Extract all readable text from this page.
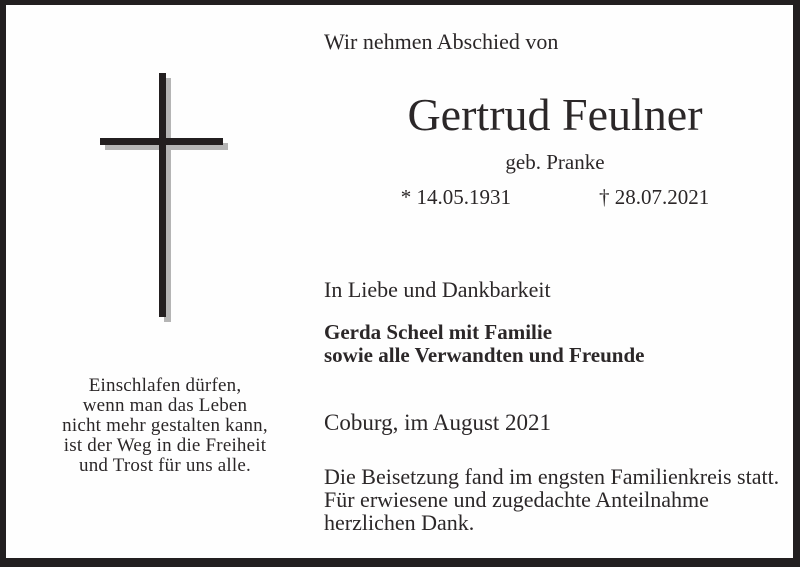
Einschlafen dürfen,
wenn man das Leben
nicht mehr gestalten kann,
ist der Weg in die Freiheit
und Trost für uns alle.
Wir nehmen Abschied von
Gertrud Feulner
geb. Pranke
* 14.05.1931	† 28.07.2021
In Liebe und Dankbarkeit
Gerda Scheel mit Familie
sowie alle Verwandten und Freunde
Coburg, im August 2021
Die Beisetzung fand im engsten Familienkreis statt.
Für erwiesene und zugedachte Anteilnahme
herzlichen Dank.
